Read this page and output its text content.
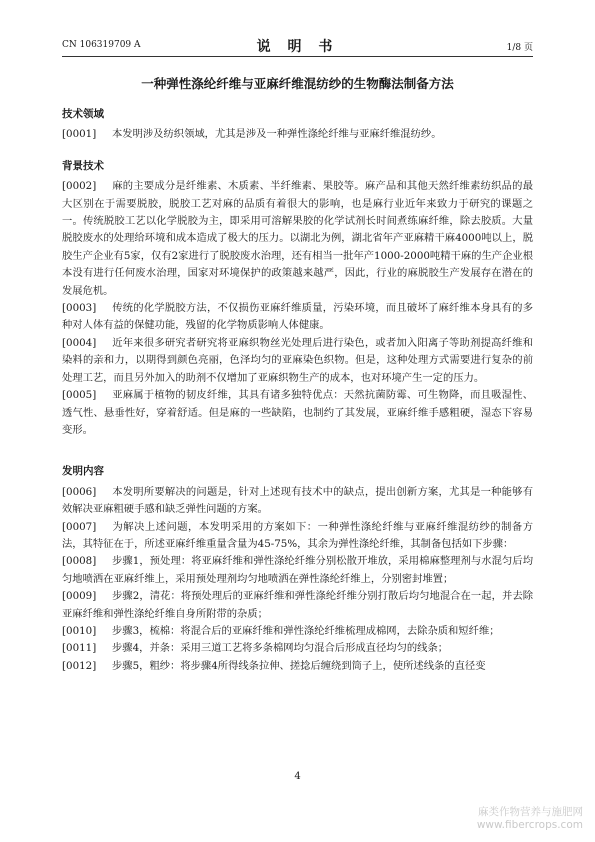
CN 106319709 A	说 明 书	1/8 页
一种弹性涤纶纤维与亚麻纤维混纺纱的生物酶法制备方法
技术领域

[0001] 本发明涉及纺织领域，尤其是涉及一种弹性涤纶纤维与亚麻纤维混纺纱。

背景技术

[0002] 麻的主要成分是纤维素、木质素、半纤维素、果胶等。麻产品和其他天然纤维素纺织品的最大区别在于需要脱胶，脱胶工艺对麻的品质有着很大的影响，也是麻行业近年来致力于研究的课题之一。传统脱胶工艺以化学脱胶为主，即采用可溶解果胶的化学试剂长时间煮练麻纤维，除去胶质。大量脱胶废水的处理给环境和成本造成了极大的压力。以湖北为例，湖北省年产亚麻精干麻4000吨以上，脱胶生产企业有5家，仅有2家进行了脱胶废水治理，还有相当一批年产1000-2000吨精干麻的生产企业根本没有进行任何废水治理，国家对环境保护的政策越来越严，因此，行业的麻脱胶生产发展存在潜在的发展危机。

[0003] 传统的化学脱胶方法，不仅损伤亚麻纤维质量，污染环境，而且破坏了麻纤维本身具有的多种对人体有益的保健功能，残留的化学物质影响人体健康。

[0004] 近年来很多研究者研究将亚麻织物丝光处理后进行染色，或者加入阳离子等助剂提高纤维和染料的亲和力，以期得到颜色亮丽，色泽均匀的亚麻染色织物。但是，这种处理方式需要进行复杂的前处理工艺，而且另外加入的助剂不仅增加了亚麻织物生产的成本，也对环境产生一定的压力。

[0005] 亚麻属于植物的韧皮纤维，其具有诸多独特优点：天然抗菌防霉、可生物降，而且吸湿性、透气性、悬垂性好，穿着舒适。但是麻的一些缺陷，也制约了其发展，亚麻纤维手感粗硬，湿态下容易变形。

发明内容

[0006] 本发明所要解决的问题是，针对上述现有技术中的缺点，提出创新方案，尤其是一种能够有效解决亚麻粗硬手感和缺乏弹性问题的方案。

[0007] 为解决上述问题，本发明采用的方案如下：一种弹性涤纶纤维与亚麻纤维混纺纱的制备方法，其特征在于，所述亚麻纤维重量含量为45-75%，其余为弹性涤纶纤维，其制备包括如下步骤：

[0008] 步骤1，预处理：将亚麻纤维和弹性涤纶纤维分别松散开堆放，采用棉麻整理剂与水混匀后均匀地喷洒在亚麻纤维上，采用预处理剂均匀地喷洒在弹性涤纶纤维上，分别密封堆置；

[0009] 步骤2，清花：将预处理后的亚麻纤维和弹性涤纶纤维分别打散后均匀地混合在一起，并去除亚麻纤维和弹性涤纶纤维自身所附带的杂质；

[0010] 步骤3，梳棉：将混合后的亚麻纤维和弹性涤纶纤维梳理成棉网，去除杂质和短纤维；

[0011] 步骤4，并条：采用三道工艺将多条棉网均匀混合后形成直径均匀的线条；

[0012] 步骤5，粗纱：将步骤4所得线条拉伸、搓捻后缠绕到筒子上，使所述线条的直径变

4
麻类作物营养与施肥网
www.fibercrops.com
